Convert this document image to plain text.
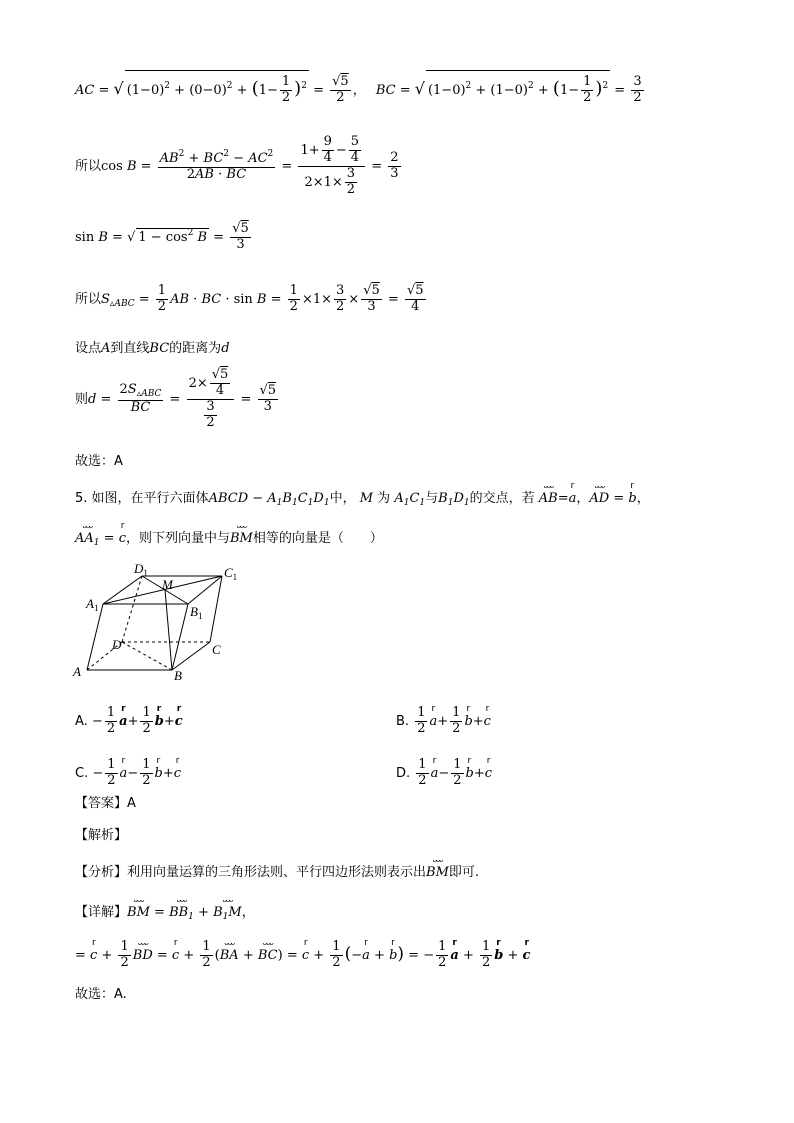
AC = √ $(1-0)^2 + (0-0)^2 + (1- \frac{1}{2} )^2 = \frac{√5}{2}$ ， BC = √ $(1-0)^2 + (1-0)^2 + (1- \frac{1}{2} )^2 = \frac{3}{2}$
所以$\cos B = \frac{AB^2 + BC^2 - AC^2}{2AB \cdot BC} = \frac{1+ \frac{9}{4} - \frac{5}{4}}{2\times 1\times \frac{3}{2}} = \frac{2}{3}$
sin B = √ $1 - \cos^2 B = \frac{√5}{3}$
所以$S_{▵ABC} = \frac{1}{2}$ AB · BC · $\sin B = \frac{1}{2} \times 1\times \frac{3}{2} \times \frac{√5}{3} = \frac{√5}{4}$
设点A到直线BC的距离为d
则$d = \frac{2S_{▵ABC}}{BC} = \frac{2\times \frac{√5}{4}}{\frac{3}{2}} = \frac{√5}{3}$
故选：A
5. 如图，在平行六面体ABCD − $A_1B_1C_1D_1$中， M 为 $A_1C_1$与$B_1D_1$的交点，若 AB
ᴗᴗᴗ
=a
r
，AD
ᴗᴗᴗ
= b
r
，
$AA_1$
ᴗᴗᴗ
= c
r
，则下列向量中与BM
ᴗᴗᴗ
相等的向量是（　　）
A	B
C
D
$A_1$	$B_1$
$C_1$
$D_1$
M
A. − $\frac{1}{2}$ a
r
+ $\frac{1}{2}$ b
r
+c
r
B. $\frac{1}{2}$ a
r
+ $\frac{1}{2}$ b
r
+c
r
C. − $\frac{1}{2}$ a
r
− $\frac{1}{2}$ b
r
+c
r
D. $\frac{1}{2}$ a
r
− $\frac{1}{2}$ b
r
+c
r
【答案】A
【解析】
【分析】利用向量运算的三角形法则、平行四边形法则表示出BM
ᴗᴗᴗ
即可.
【详解】BM
ᴗᴗᴗ
= $BB_1$
ᴗᴗᴗ
+ $B_1M$
ᴗᴗᴗ
，
= c
r
+ $\frac{1}{2}$ BD
ᴗᴗᴗ
= c
r
+ $\frac{1}{2} (BA$
ᴗᴗᴗ
+ BC
ᴗᴗᴗ
) = c
r
+ $\frac{1}{2} (-a$
r
+ b
r
) = − $\frac{1}{2}$ a
r
+ $\frac{1}{2}$ b
r
+ c
r
故选：A.
